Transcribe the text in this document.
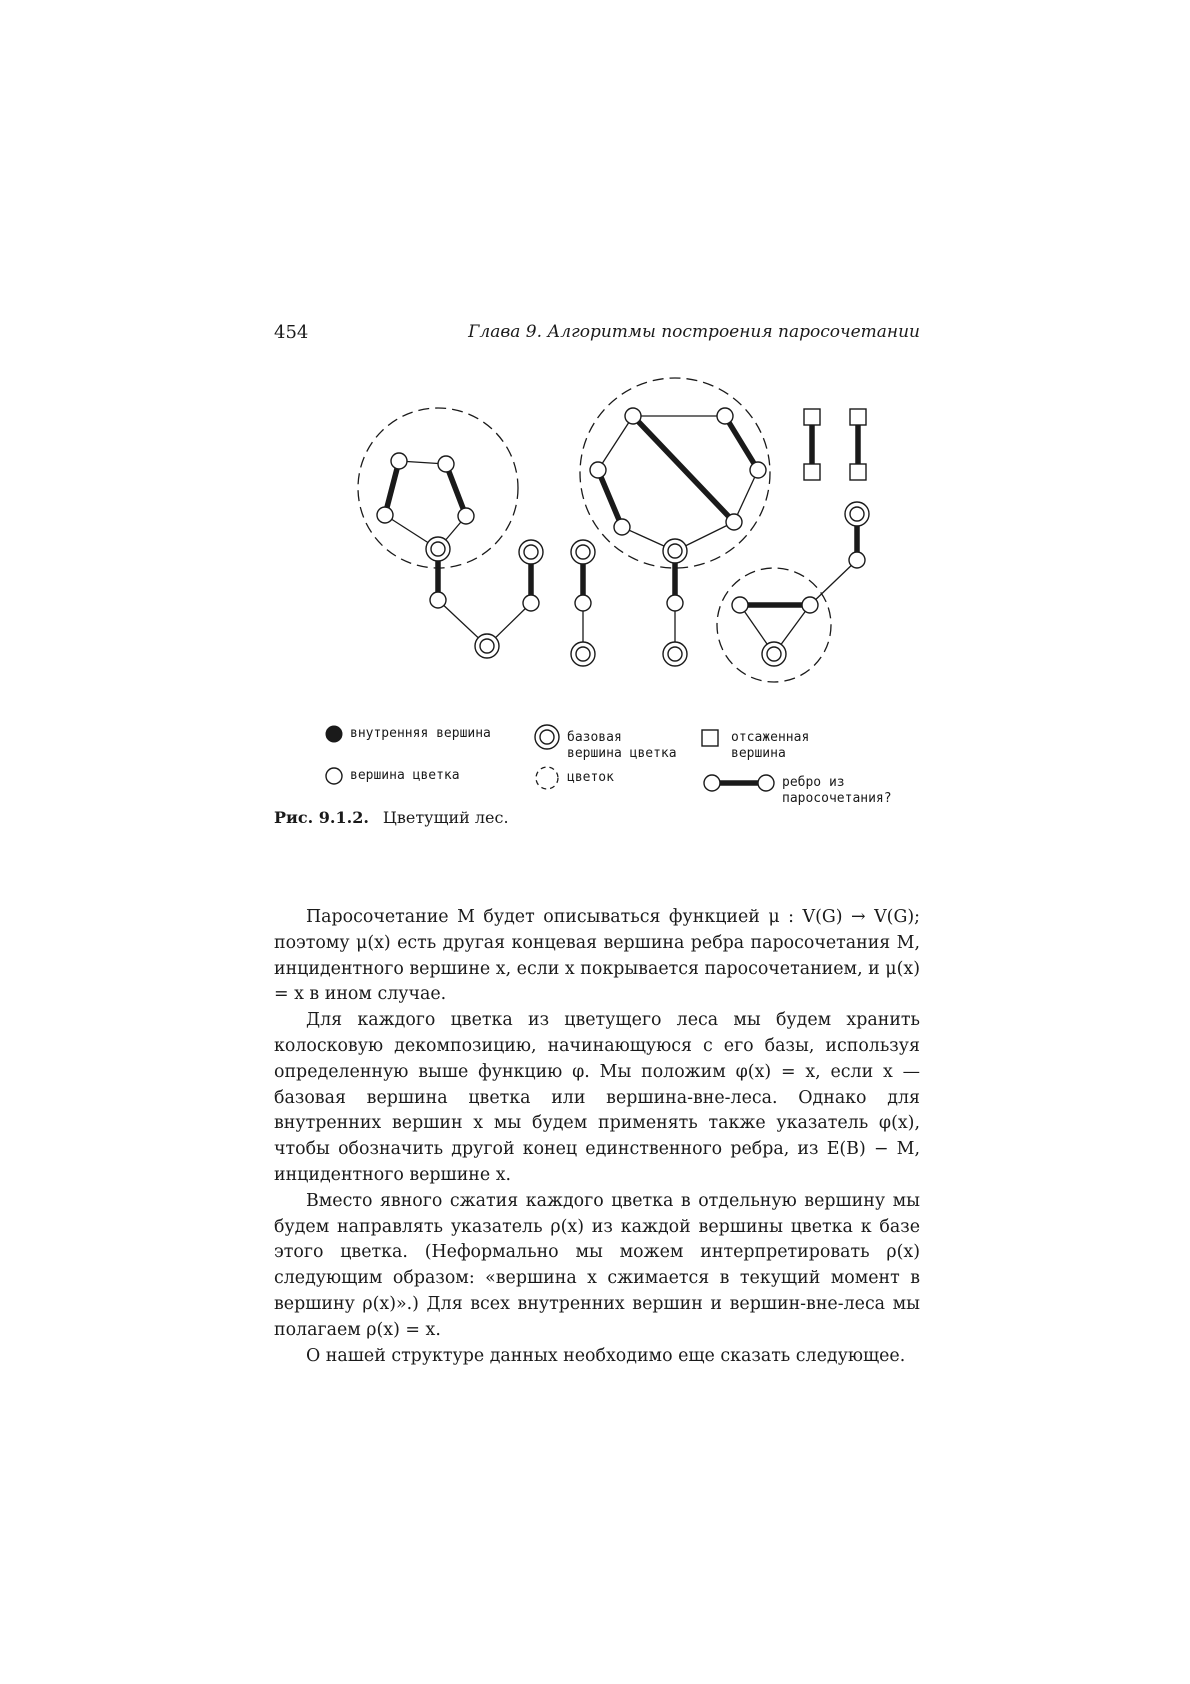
454	Глава 9. Алгоритмы построения паросочетании
внутренняя вершина
вершина цветка
базовая
вершина цветка
цветок
отсаженная
вершина
ребро из
паросочетания?
Рис. 9.1.2. Цветущий лес.

Паросочетание M будет описываться функцией μ : V(G) → V(G); поэтому μ(x) есть другая концевая вершина ребра паросочетания M, инцидентного вершине x, если x покрывается паросочетанием, и μ(x) = x в ином случае.

Для каждого цветка из цветущего леса мы будем хранить колосковую декомпозицию, начинающуюся с его базы, используя определенную выше функцию φ. Мы положим φ(x) = x, если x — базовая вершина цветка или вершина-вне-леса. Однако для внутренних вершин x мы будем применять также указатель φ(x), чтобы обозначить другой конец единственного ребра, из E(B) − M, инцидентного вершине x.

Вместо явного сжатия каждого цветка в отдельную вершину мы будем направлять указатель ρ(x) из каждой вершины цветка к базе этого цветка. (Неформально мы можем интерпретировать ρ(x) следующим образом: «вершина x сжимается в текущий момент в вершину ρ(x)».) Для всех внутренних вершин и вершин-вне-леса мы полагаем ρ(x) = x.

О нашей структуре данных необходимо еще сказать следующее.
